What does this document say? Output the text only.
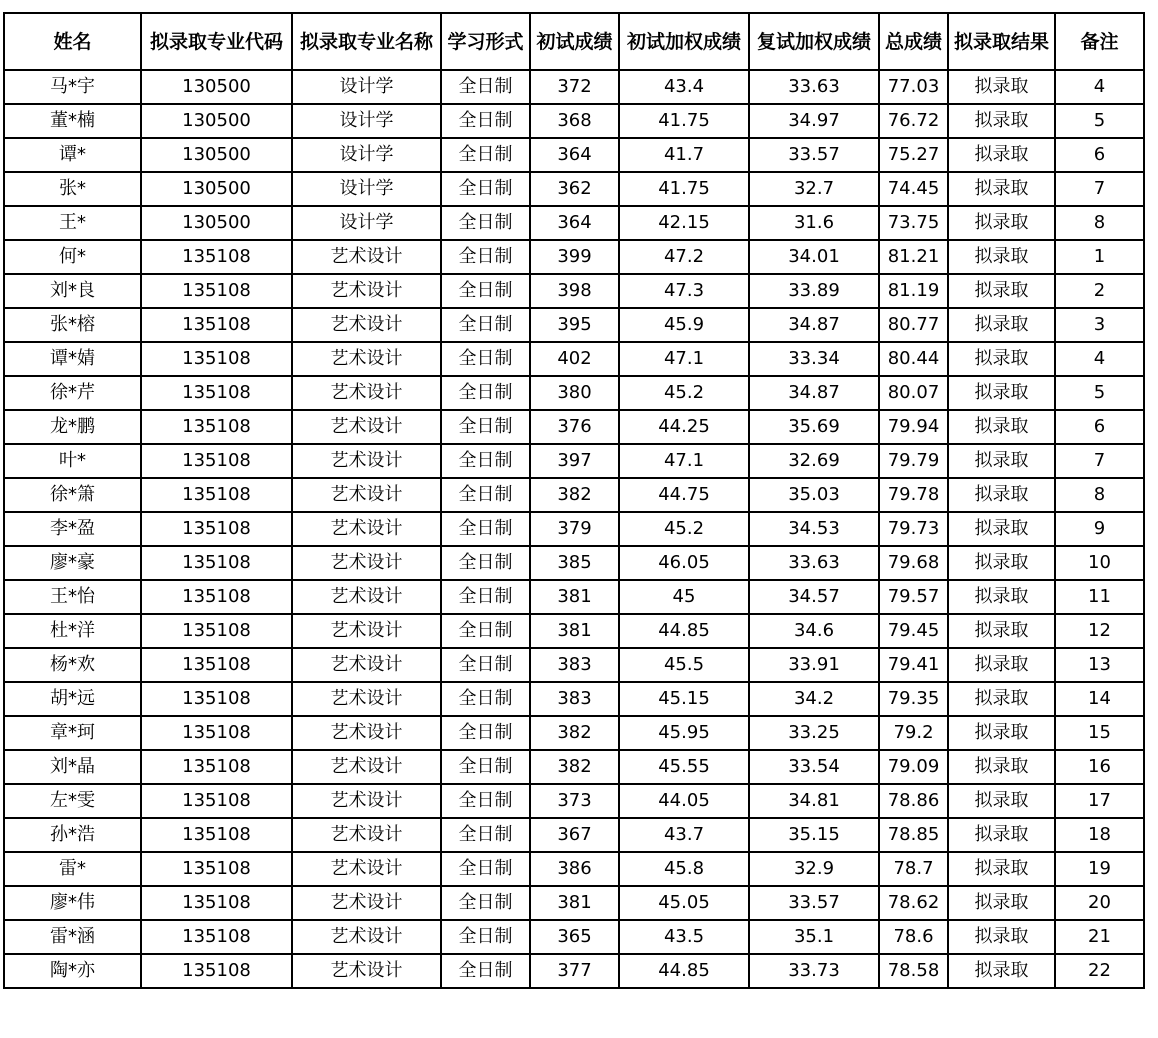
姓名	拟录取专业代码	拟录取专业名称	学习形式	初试成绩	初试加权成绩	复试加权成绩	总成绩	拟录取结果	备注

马*宇	130500	设计学	全日制	372	43.4	33.63	77.03	拟录取	4
董*楠	130500	设计学	全日制	368	41.75	34.97	76.72	拟录取	5
谭*	130500	设计学	全日制	364	41.7	33.57	75.27	拟录取	6
张*	130500	设计学	全日制	362	41.75	32.7	74.45	拟录取	7
王*	130500	设计学	全日制	364	42.15	31.6	73.75	拟录取	8
何*	135108	艺术设计	全日制	399	47.2	34.01	81.21	拟录取	1
刘*良	135108	艺术设计	全日制	398	47.3	33.89	81.19	拟录取	2
张*榕	135108	艺术设计	全日制	395	45.9	34.87	80.77	拟录取	3
谭*婧	135108	艺术设计	全日制	402	47.1	33.34	80.44	拟录取	4
徐*芹	135108	艺术设计	全日制	380	45.2	34.87	80.07	拟录取	5
龙*鹏	135108	艺术设计	全日制	376	44.25	35.69	79.94	拟录取	6
叶*	135108	艺术设计	全日制	397	47.1	32.69	79.79	拟录取	7
徐*箫	135108	艺术设计	全日制	382	44.75	35.03	79.78	拟录取	8
李*盈	135108	艺术设计	全日制	379	45.2	34.53	79.73	拟录取	9
廖*豪	135108	艺术设计	全日制	385	46.05	33.63	79.68	拟录取	10
王*怡	135108	艺术设计	全日制	381	45	34.57	79.57	拟录取	11
杜*洋	135108	艺术设计	全日制	381	44.85	34.6	79.45	拟录取	12
杨*欢	135108	艺术设计	全日制	383	45.5	33.91	79.41	拟录取	13
胡*远	135108	艺术设计	全日制	383	45.15	34.2	79.35	拟录取	14
章*珂	135108	艺术设计	全日制	382	45.95	33.25	79.2	拟录取	15
刘*晶	135108	艺术设计	全日制	382	45.55	33.54	79.09	拟录取	16
左*雯	135108	艺术设计	全日制	373	44.05	34.81	78.86	拟录取	17
孙*浩	135108	艺术设计	全日制	367	43.7	35.15	78.85	拟录取	18
雷*	135108	艺术设计	全日制	386	45.8	32.9	78.7	拟录取	19
廖*伟	135108	艺术设计	全日制	381	45.05	33.57	78.62	拟录取	20
雷*涵	135108	艺术设计	全日制	365	43.5	35.1	78.6	拟录取	21
陶*亦	135108	艺术设计	全日制	377	44.85	33.73	78.58	拟录取	22
